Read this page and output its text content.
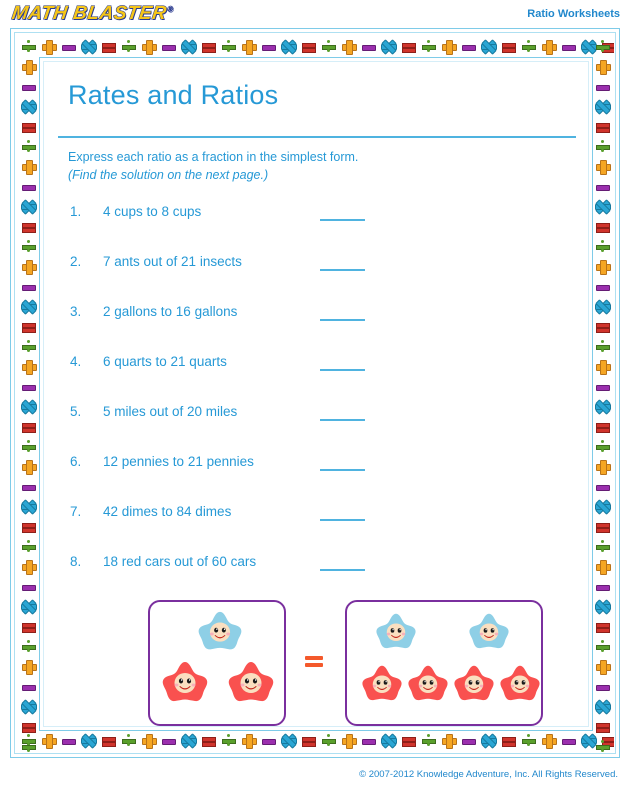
MATH BLASTER®	Ratio Worksheets
Rates and Ratios
Express each ratio as a fraction in the simplest form.
(Find the solution on the next page.)
1.	4 cups to 8 cups
2.	7 ants out of 21 insects
3.	2 gallons to 16 gallons
4.	6 quarts to 21 quarts
5.	5 miles out of 20 miles
6.	12 pennies to 21 pennies
7.	42 dimes to 84 dimes
8.	18 red cars out of 60 cars
© 2007-2012 Knowledge Adventure, Inc. All Rights Reserved.
